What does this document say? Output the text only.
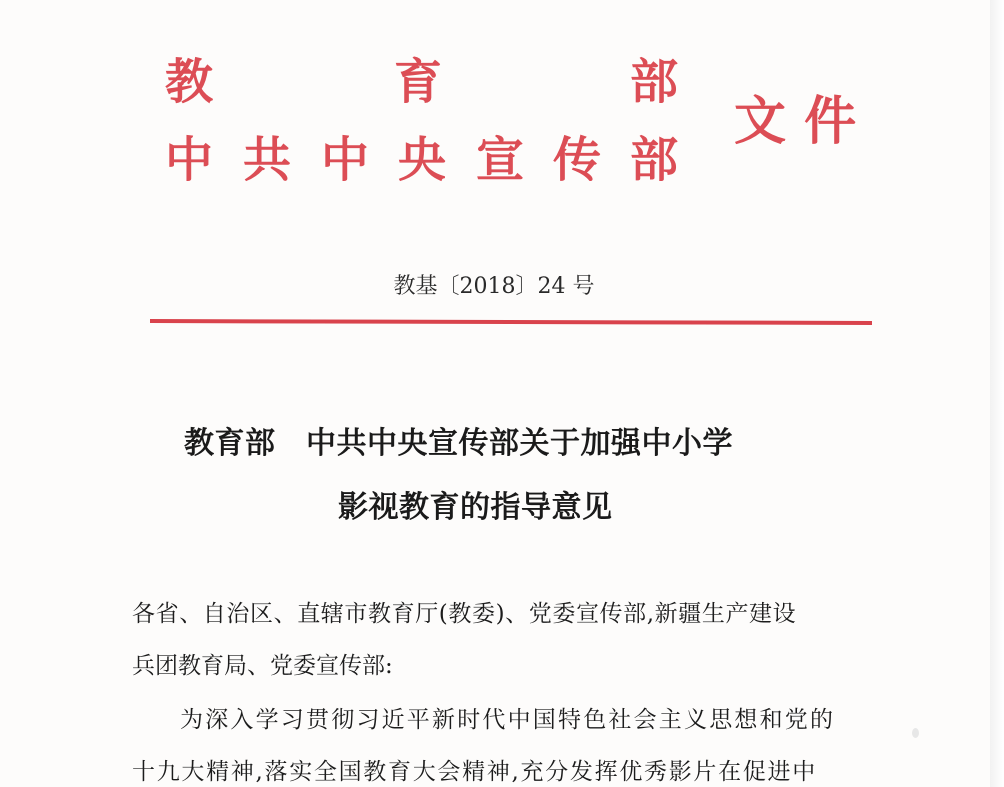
教	育	部
中 共 中 央 宣 传 部
文 件
教基〔2018〕24 号
教育部　中共中央宣传部关于加强中小学
影视教育的指导意见
各省、自治区、直辖市教育厅(教委)、党委宣传部,新疆生产建设
兵团教育局、党委宣传部:
为深入学习贯彻习近平新时代中国特色社会主义思想和党的
十九大精神,落实全国教育大会精神,充分发挥优秀影片在促进中
